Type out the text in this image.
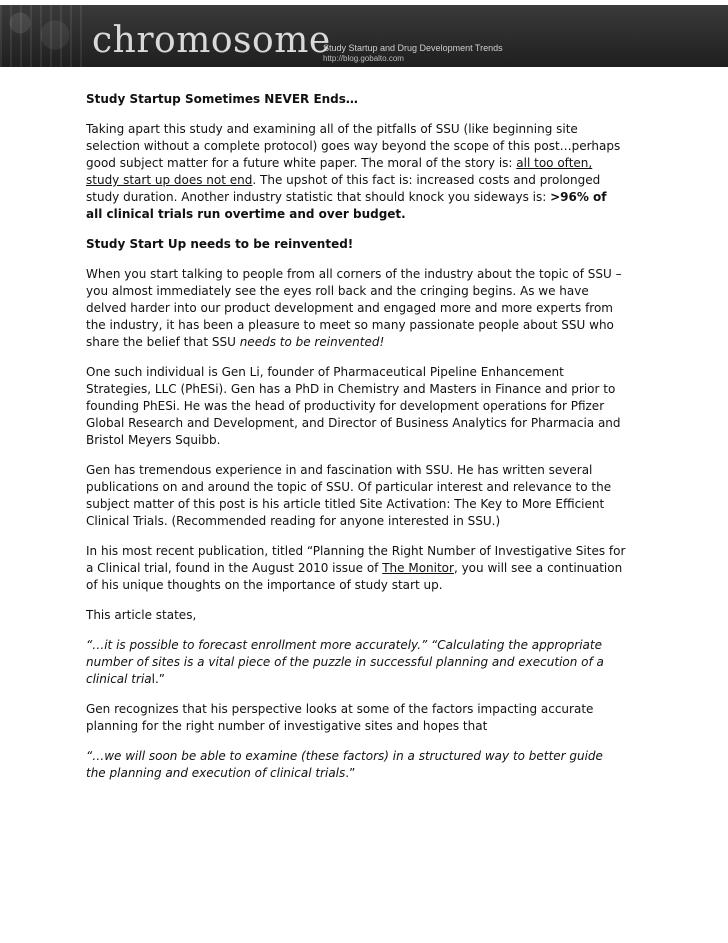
chromosome
Study Startup and Drug Development Trends
http://blog.gobalto.com

Study Startup Sometimes NEVER Ends…

Taking apart this study and examining all of the pitfalls of SSU (like beginning site selection without a complete protocol) goes way beyond the scope of this post…perhaps good subject matter for a future white paper. The moral of the story is: all too often, study start up does not end. The upshot of this fact is: increased costs and prolonged study duration. Another industry statistic that should knock you sideways is: >96% of all clinical trials run overtime and over budget.

Study Start Up needs to be reinvented!

When you start talking to people from all corners of the industry about the topic of SSU – you almost immediately see the eyes roll back and the cringing begins. As we have delved harder into our product development and engaged more and more experts from the industry, it has been a pleasure to meet so many passionate people about SSU who share the belief that SSU needs to be reinvented!

One such individual is Gen Li, founder of Pharmaceutical Pipeline Enhancement Strategies, LLC (PhESi). Gen has a PhD in Chemistry and Masters in Finance and prior to founding PhESi. He was the head of productivity for development operations for Pfizer Global Research and Development, and Director of Business Analytics for Pharmacia and Bristol Meyers Squibb.

Gen has tremendous experience in and fascination with SSU. He has written several publications on and around the topic of SSU. Of particular interest and relevance to the subject matter of this post is his article titled Site Activation: The Key to More Efficient Clinical Trials. (Recommended reading for anyone interested in SSU.)

In his most recent publication, titled “Planning the Right Number of Investigative Sites for a Clinical trial, found in the August 2010 issue of The Monitor, you will see a continuation of his unique thoughts on the importance of study start up.

This article states,

“…it is possible to forecast enrollment more accurately.” “Calculating the appropriate number of sites is a vital piece of the puzzle in successful planning and execution of a clinical trial.”

Gen recognizes that his perspective looks at some of the factors impacting accurate planning for the right number of investigative sites and hopes that

“…we will soon be able to examine (these factors) in a structured way to better guide the planning and execution of clinical trials.”
